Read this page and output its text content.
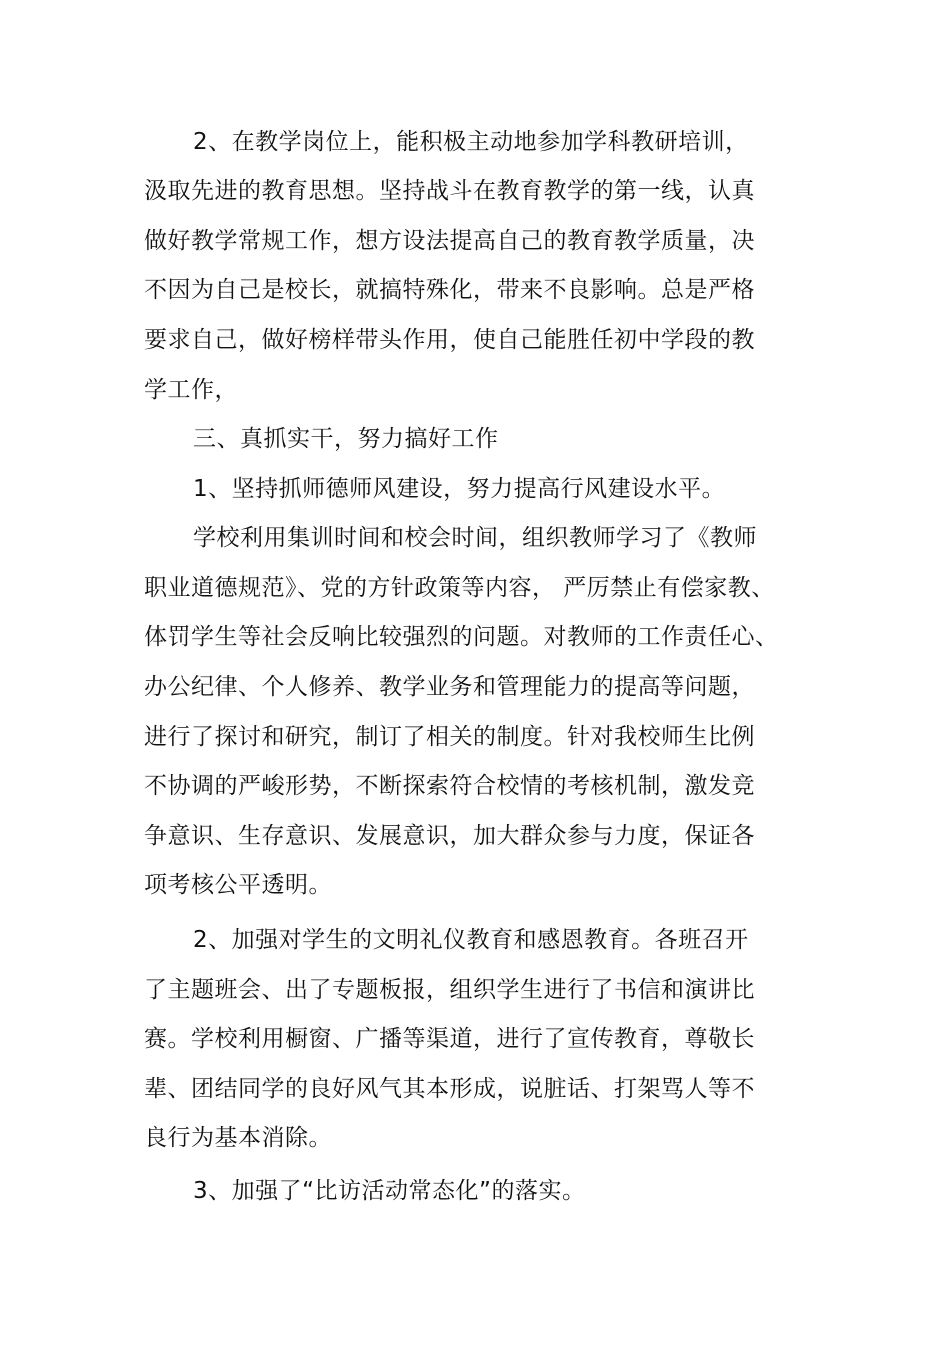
2、在教学岗位上，能积极主动地参加学科教研培训，
汲取先进的教育思想。坚持战斗在教育教学的第一线，认真
做好教学常规工作，想方设法提高自己的教育教学质量，决
不因为自己是校长，就搞特殊化，带来不良影响。总是严格
要求自己，做好榜样带头作用，使自己能胜任初中学段的教
学工作，
三、真抓实干，努力搞好工作
1、坚持抓师德师风建设，努力提高行风建设水平。
学校利用集训时间和校会时间，组织教师学习了《教师
职业道德规范》、党的方针政策等内容， 严厉禁止有偿家教、
体罚学生等社会反响比较强烈的问题。对教师的工作责任心、
办公纪律、个人修养、教学业务和管理能力的提高等问题，
进行了探讨和研究，制订了相关的制度。针对我校师生比例
不协调的严峻形势，不断探索符合校情的考核机制，激发竞
争意识、生存意识、发展意识，加大群众参与力度，保证各
项考核公平透明。
2、加强对学生的文明礼仪教育和感恩教育。各班召开
了主题班会、出了专题板报，组织学生进行了书信和演讲比
赛。学校利用橱窗、广播等渠道，进行了宣传教育，尊敬长
辈、团结同学的良好风气其本形成，说脏话、打架骂人等不
良行为基本消除。
3、加强了“比访活动常态化”的落实。
